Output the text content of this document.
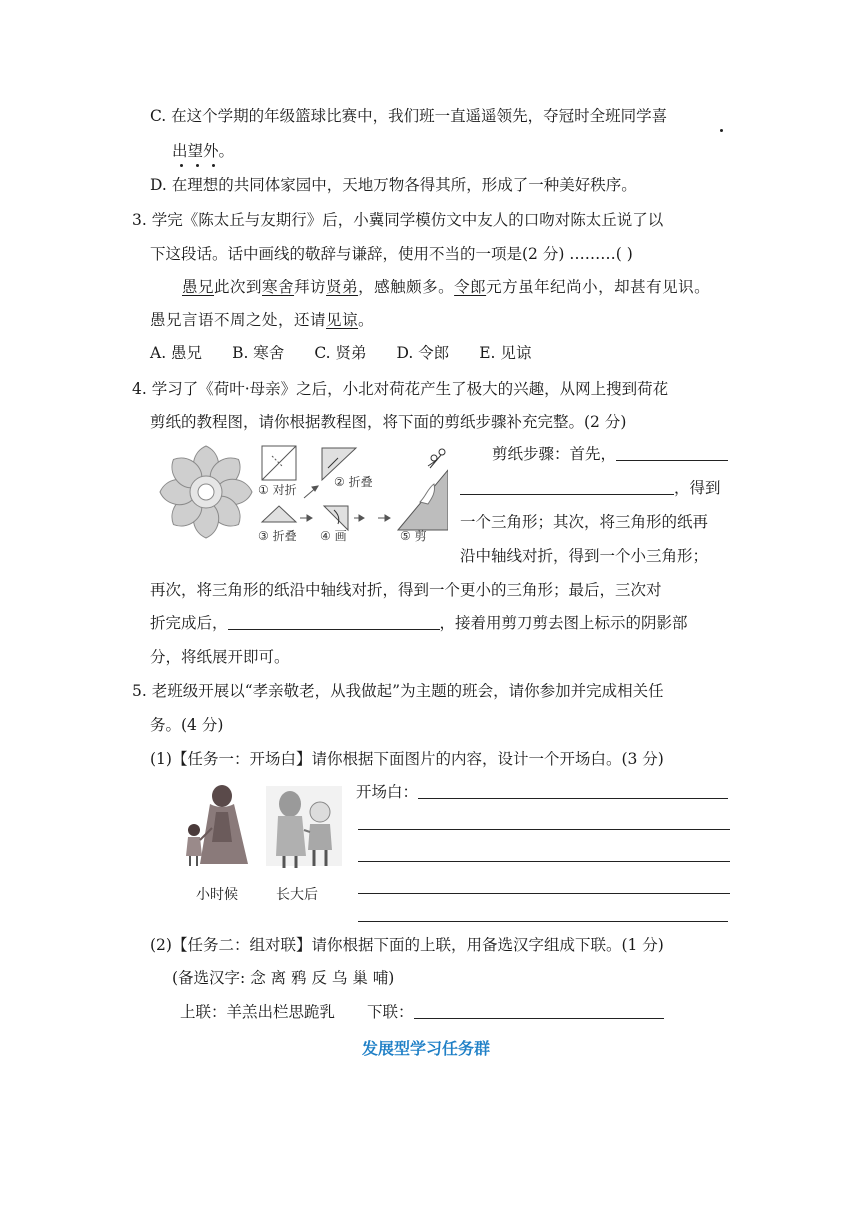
C. 在这个学期的年级篮球比赛中，我们班一直遥遥领先，夺冠时全班同学喜
出望外。
D. 在理想的共同体家园中，天地万物各得其所，形成了一种美好秩序。
3. 学完《陈太丘与友期行》后，小冀同学模仿文中友人的口吻对陈太丘说了以
下这段话。话中画线的敬辞与谦辞，使用不当的一项是(2 分) ………( )
愚兄此次到寒舍拜访贤弟，感触颇多。令郎元方虽年纪尚小，却甚有见识。
愚兄言语不周之处，还请见谅。
A. 愚兄 B. 寒舍 C. 贤弟 D. 令郎 E. 见谅
4. 学习了《荷叶·母亲》之后，小北对荷花产生了极大的兴趣，从网上搜到荷花
剪纸的教程图，请你根据教程图，将下面的剪纸步骤补充完整。(2 分)
① 对折
② 折叠
③ 折叠 ④ 画	⑤ 剪
剪纸步骤：首先，
，得到
一个三角形；其次，将三角形的纸再
沿中轴线对折，得到一个小三角形；
再次，将三角形的纸沿中轴线对折，得到一个更小的三角形；最后，三次对
折完成后，	，接着用剪刀剪去图上标示的阴影部
分，将纸展开即可。
5. 老班级开展以“孝亲敬老，从我做起”为主题的班会，请你参加并完成相关任
务。(4 分)
(1)【任务一：开场白】请你根据下面图片的内容，设计一个开场白。(3 分)
小时候	长大后
开场白：
(2)【任务二：组对联】请你根据下面的上联，用备选汉字组成下联。(1 分)
(备选汉字: 念 离 鸦 反 乌 巢 哺)
上联：羊羔出栏思跪乳 下联：
发展型学习任务群
